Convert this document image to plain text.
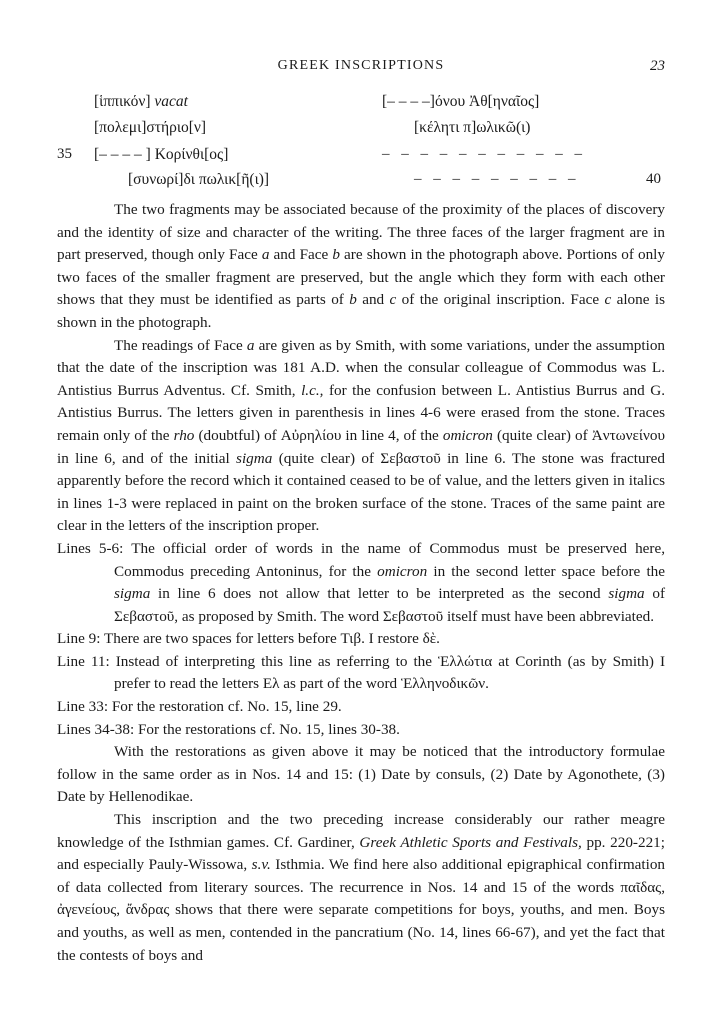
GREEK INSCRIPTIONS	23
[ἱππικόν] vacat
[πολεμι]στήριο[ν]
35 [– – – – ] Κορίνθι[ος]
[συνωρί]δι πωλικ[ῆ(ι)]
[– – – –]όνου Ἀθ[ηναῖος]
[κέλητι π]ωλικῶ(ι)
– – – – – – – – – – –
– – – – – – – – –	40

The two fragments may be associated because of the proximity of the places of discovery and the identity of size and character of the writing. The three faces of the larger fragment are in part preserved, though only Face a and Face b are shown in the photograph above. Portions of only two faces of the smaller fragment are preserved, but the angle which they form with each other shows that they must be identified as parts of b and c of the original inscription. Face c alone is shown in the photograph.

The readings of Face a are given as by Smith, with some variations, under the assumption that the date of the inscription was 181 A.D. when the consular colleague of Commodus was L. Antistius Burrus Adventus. Cf. Smith, l.c., for the confusion between L. Antistius Burrus and G. Antistius Burrus. The letters given in parenthesis in lines 4-6 were erased from the stone. Traces remain only of the rho (doubtful) of Αὐρηλίου in line 4, of the omicron (quite clear) of Ἀντωνείνου in line 6, and of the initial sigma (quite clear) of Σεβαστοῦ in line 6. The stone was fractured apparently before the record which it contained ceased to be of value, and the letters given in italics in lines 1-3 were replaced in paint on the broken surface of the stone. Traces of the same paint are clear in the letters of the inscription proper.

Lines 5-6: The official order of words in the name of Commodus must be preserved here, Commodus preceding Antoninus, for the omicron in the second letter space before the sigma in line 6 does not allow that letter to be interpreted as the second sigma of Σεβαστοῦ, as proposed by Smith. The word Σεβαστοῦ itself must have been abbreviated.

Line 9: There are two spaces for letters before Τιβ. I restore δὲ.

Line 11: Instead of interpreting this line as referring to the Ἑλλώτια at Corinth (as by Smith) I prefer to read the letters Ελ as part of the word Ἑλληνοδικῶν.

Line 33: For the restoration cf. No. 15, line 29.

Lines 34-38: For the restorations cf. No. 15, lines 30-38.

With the restorations as given above it may be noticed that the introductory formulae follow in the same order as in Nos. 14 and 15: (1) Date by consuls, (2) Date by Agonothete, (3) Date by Hellenodikae.

This inscription and the two preceding increase considerably our rather meagre knowledge of the Isthmian games. Cf. Gardiner, Greek Athletic Sports and Festivals, pp. 220-221; and especially Pauly-Wissowa, s.v. Isthmia. We find here also additional epigraphical confirmation of data collected from literary sources. The recurrence in Nos. 14 and 15 of the words παῖδας, ἀγενείους, ἄνδρας shows that there were separate competitions for boys, youths, and men. Boys and youths, as well as men, contended in the pancratium (No. 14, lines 66-67), and yet the fact that the contests of boys and
